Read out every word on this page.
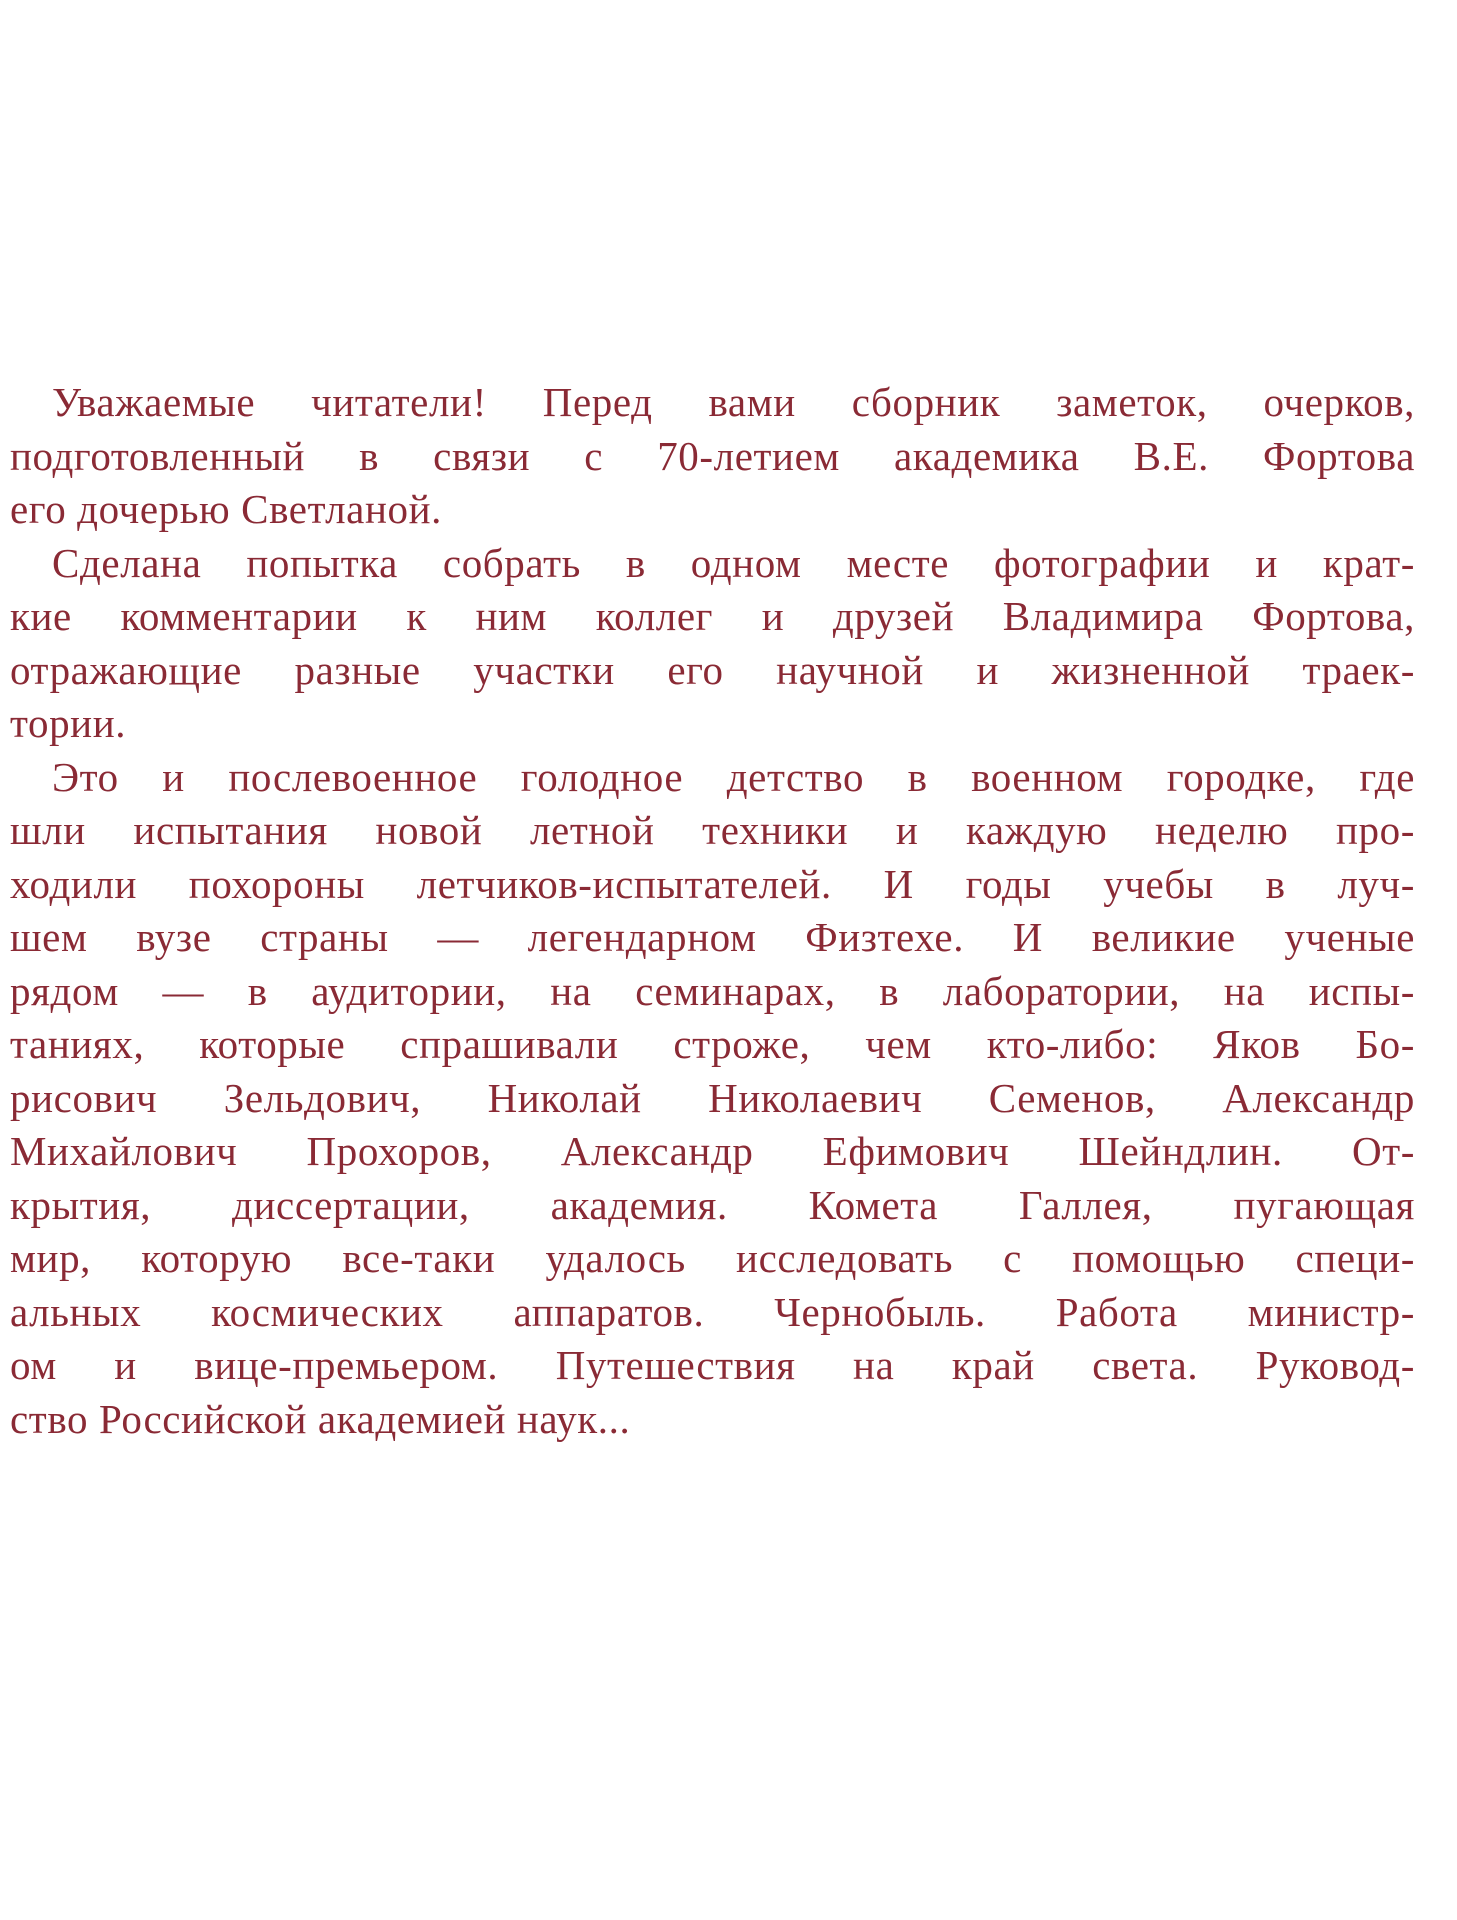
Уважаемые читатели! Перед вами сборник заметок, очерков,
подготовленный в связи с 70-летием академика В.Е. Фортова
его дочерью Светланой.
Сделана попытка собрать в одном месте фотографии и крат-
кие комментарии к ним коллег и друзей Владимира Фортова,
отражающие разные участки его научной и жизненной траек-
тории.
Это и послевоенное голодное детство в военном городке, где
шли испытания новой летной техники и каждую неделю про-
ходили похороны летчиков-испытателей. И годы учебы в луч-
шем вузе страны — легендарном Физтехе. И великие ученые
рядом — в аудитории, на семинарах, в лаборатории, на испы-
таниях, которые спрашивали строже, чем кто-либо: Яков Бо-
рисович Зельдович, Николай Николаевич Семенов, Александр
Михайлович Прохоров, Александр Ефимович Шейндлин. От-
крытия, диссертации, академия. Комета Галлея, пугающая
мир, которую все-таки удалось исследовать с помощью специ-
альных космических аппаратов. Чернобыль. Работа министр-
ом и вице-премьером. Путешествия на край света. Руковод-
ство Российской академией наук...
